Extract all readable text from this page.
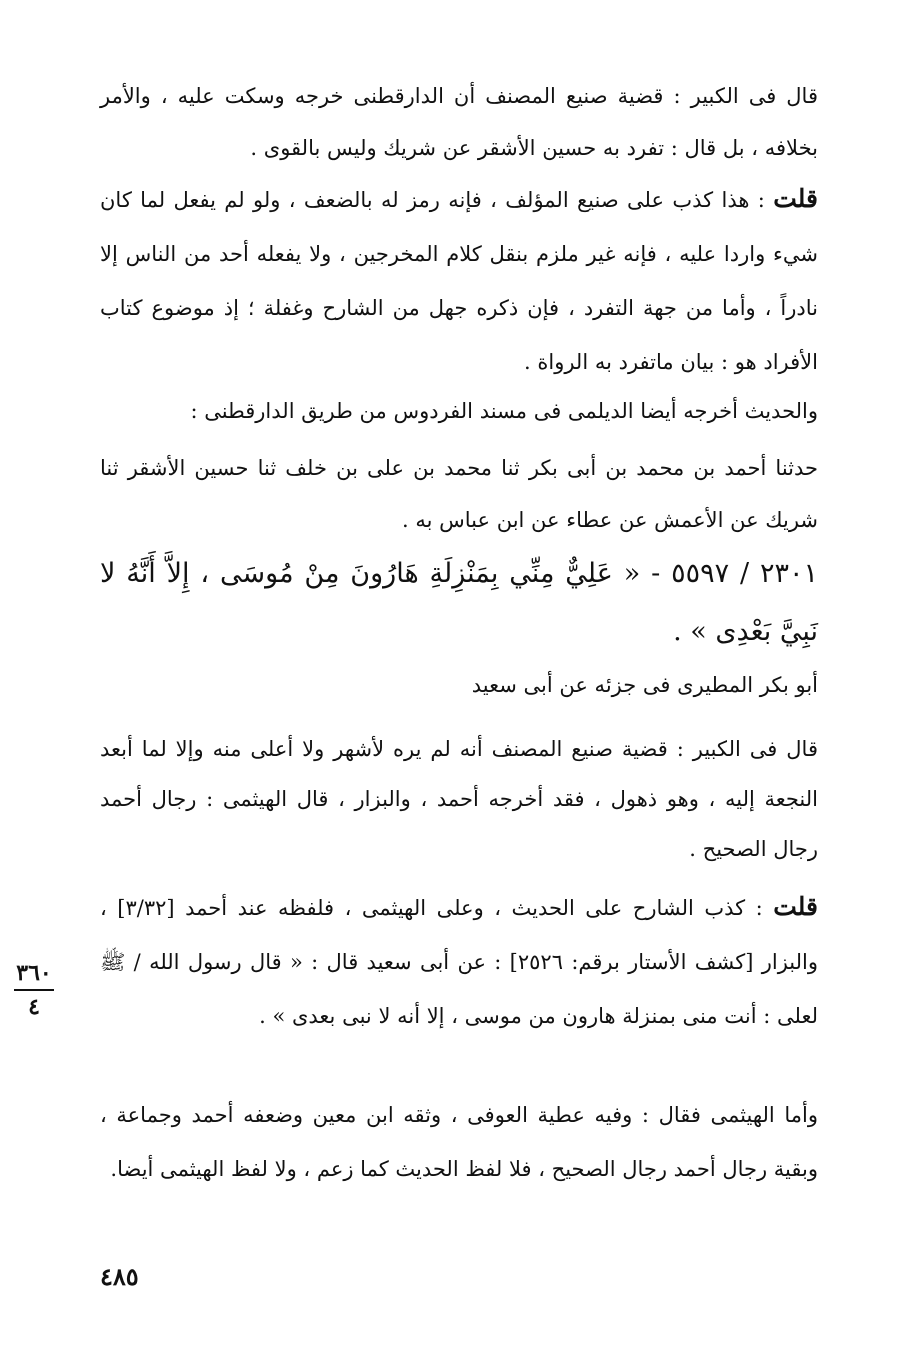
قال فى الكبير : قضية صنيع المصنف أن الدارقطنى خرجه وسكت عليه ، والأمر بخلافه ، بل قال : تفرد به حسين الأشقر عن شريك وليس بالقوى .

قلت : هذا كذب على صنيع المؤلف ، فإنه رمز له بالضعف ، ولو لم يفعل لما كان شيء واردا عليه ، فإنه غير ملزم بنقل كلام المخرجين ، ولا يفعله أحد من الناس إلا نادراً ، وأما من جهة التفرد ، فإن ذكره جهل من الشارح وغفلة ؛ إذ موضوع كتاب الأفراد هو : بيان ماتفرد به الرواة .

والحديث أخرجه أيضا الديلمى فى مسند الفردوس من طريق الدارقطنى :

حدثنا أحمد بن محمد بن أبى بكر ثنا محمد بن على بن خلف ثنا حسين الأشقر ثنا شريك عن الأعمش عن عطاء عن ابن عباس به .

٢٣٠١ / ٥٥٩٧ - « عَلِيٌّ مِنِّي بِمَنْزِلَةِ هَارُونَ مِنْ مُوسَى ، إِلاَّ أَنَّهُ لا نَبِيَّ بَعْدِى » .

أبو بكر المطيرى فى جزئه عن أبى سعيد

قال فى الكبير : قضية صنيع المصنف أنه لم يره لأشهر ولا أعلى منه وإلا لما أبعد النجعة إليه ، وهو ذهول ، فقد أخرجه أحمد ، والبزار ، قال الهيثمى : رجال أحمد رجال الصحيح .

قلت : كذب الشارح على الحديث ، وعلى الهيثمى ، فلفظه عند أحمد [٣/٣٢] ، والبزار [كشف الأستار برقم: ٢٥٢٦] : عن أبى سعيد قال : « قال رسول الله / ﷺ لعلى : أنت منى بمنزلة هارون من موسى ، إلا أنه لا نبى بعدى » .

وأما الهيثمى فقال : وفيه عطية العوفى ، وثقه ابن معين وضعفه أحمد وجماعة ، وبقية رجال أحمد رجال الصحيح ، فلا لفظ الحديث كما زعم ، ولا لفظ الهيثمى أيضا.

٣٦٠
٤
٤٨٥
